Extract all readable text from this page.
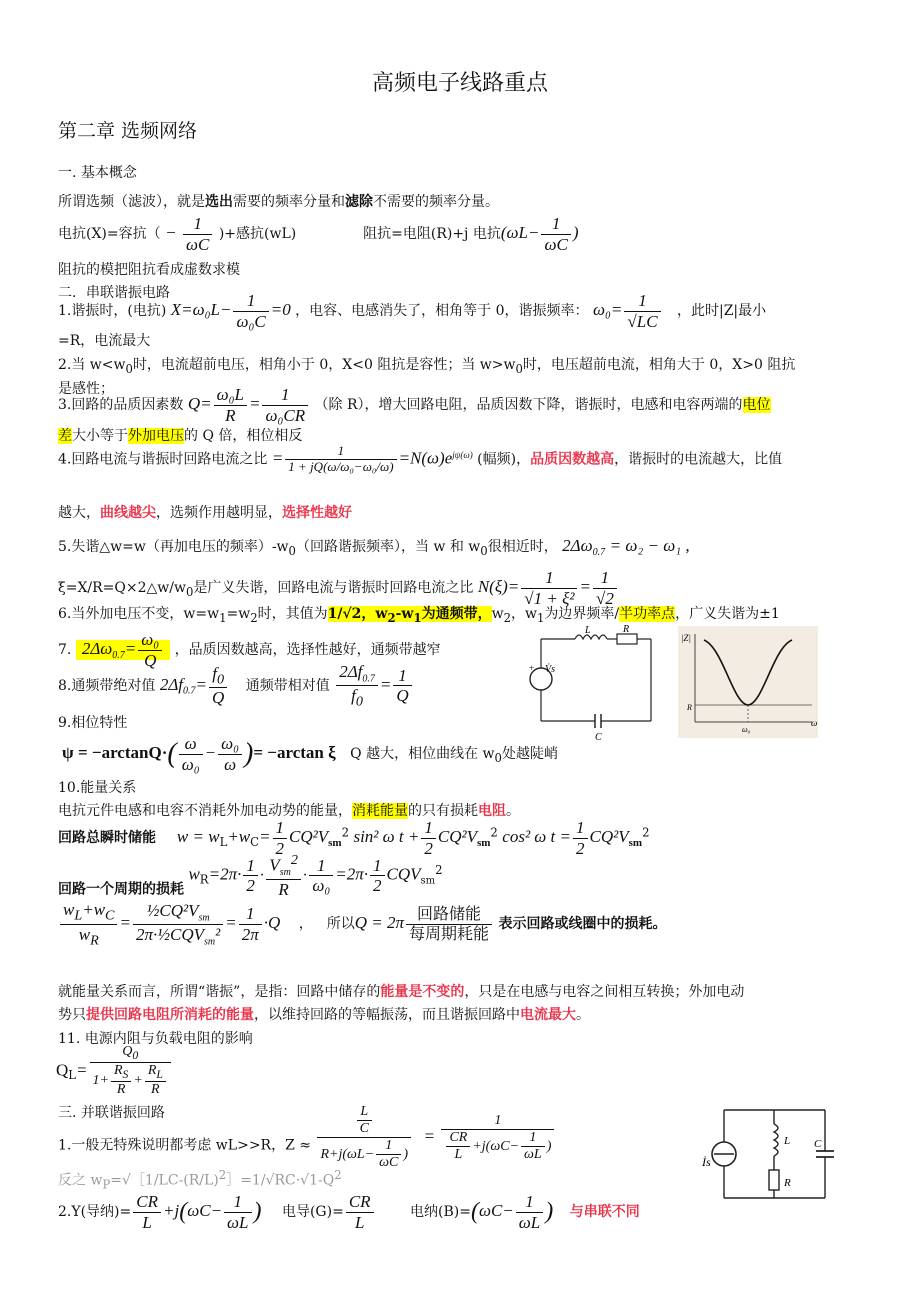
高频电子线路重点
第二章 选频网络
一. 基本概念
所谓选频（滤波），就是选出需要的频率分量和滤除不需要的频率分量。
电抗(X)=容抗（ − $\frac{1}{\omega C}$ )+感抗(wL)	阻抗=电阻(R)+j 电抗($\omega L- \frac{1}{\omega C}$ )
阻抗的模把阻抗看成虚数求模
二．串联谐振电路
1.谐振时，(电抗) $X=\omega_0L- \frac{1}{\text{ω₀C}} =0$ ，电容、电感消失了，相角等于 0，谐振频率： $\omega_0= \frac{1}{√LC}$ ，此时|Z|最小
=R，电流最大
2.当 $w<w_0$时，电流超前电压，相角小于 0，X<0 阻抗是容性；当 $w>w_0$时，电压超前电流，相角大于 0，X>0 阻抗
是感性；
3.回路的品质因素数 $Q= \frac{\text{ω₀L}}{R} = \frac{1}{\text{ω₀CR}}$ （除 R），增大回路电阻，品质因数下降，谐振时，电感和电容两端的电位
差大小等于外加电压的 Q 倍，相位相反
4.回路电流与谐振时回路电流之比 = $\frac{1}{\text{1 + jQ(ω/ω₀−ω₀/ω)}} =N(\omega)e^{j\psi(\omega)}$ (幅频)，品质因数越高，谐振时的电流越大，比值
越大，曲线越尖，选频作用越明显，选择性越好
5.失谐△w=w（再加电压的频率）$-w_0$（回路谐振频率），当 w 和 $w_0$很相近时， $2\Delta\omega_{0.7} = \omega_2 - \omega_1$ ,
$\xi=X/R=Q\times 2\triangle w/w_0$是广义失谐，回路电流与谐振时回路电流之比 $N(\xi)= \frac{1}{\text{√1 + ξ²}} = \frac{1}{√2}$
6.当外加电压不变，$w=w_1=w_2$时，其值为1/√2，$w_2-w_1$为通频带，$w_2$，$w_1$为边界频率/半功率点，广义失谐为±1
7. $2\Delta\omega_{0.7}= \frac{\text{ω₀}}{Q}$ ，品质因数越高，选择性越好，通频带越窄
8.通频带绝对值 $2\Delta f_{0.7}= \frac{f_0}{Q}$ 通频带相对值 $\frac{2\Delta f_{0.7}}{f_0} = \frac{1}{Q}$
9.相位特性
$\psi = -\arctan Q\cdot( \frac{\omega}{\text{ω₀}} - \frac{\text{ω₀}}{\omega}$ )= −arctan ξ Q 越大，相位曲线在 $w_0$处越陡峭
10.能量关系
电抗元件电感和电容不消耗外加电动势的能量，消耗能量的只有损耗电阻。
回路总瞬时储能 $w = w_L+w_C= \frac{1}{2} CQ^2V_{sm}^2$ sin² ω $t + \frac{1}{2} CQ^2V_{sm}^2$ cos² ω $t = \frac{1}{2} CQ^2V_{sm}^2$
回路一个周期的损耗 $w_R=2\pi\cdot \frac{1}{2} \cdot \frac{V_{sm}^2}{R} \cdot \frac{1}{\text{ω₀}} =2\pi\cdot \frac{1}{2} CQV_{sm}^2$
$\frac{w_L+w_C}{w_R} = \frac{\frac{1}{2}CQ^2V_{sm}}{2\pi\cdot\frac{1}{2}CQV_{sm}^2} = \frac{1}{2\pi} \cdot Q$ ， 所以$Q = 2\pi \frac{\text{回路储能}}{\text{每周期耗能}}$ 表示回路或线圈中的损耗。
就能量关系而言，所谓“谐振”，是指：回路中储存的能量是不变的，只是在电感与电容之间相互转换；外加电动
势只提供回路电阻所消耗的能量，以维持回路的等幅振荡，而且谐振回路中电流最大。
11. 电源内阻与负载电阻的影响
$Q_L= \frac{Q_0}{1+ \frac{R_S}{R} + \frac{R_L}{R}}$
三. 并联谐振回路
1.一般无特殊说明都考虑 wL>>R，$Z \approx \frac{\frac{L}{C}}{R+j(\omega L- \frac{1}{\omega C} )} = \frac{1}{\frac{CR}{L} +j(\omega C- \frac{1}{\omega L} )}$
反之 $w_P=√[1/LC-(R/L)^2]=1/√RC\cdot√1-Q^2$
2.Y(导纳)= $\frac{CR}{L} +j(\omega C- \frac{1}{\omega L}$ ) 电导$(G)= \frac{CR}{L}$	电纳$(B)=(\omega C- \frac{1}{\omega L}$ ) 与串联不同
V̇s
+
L	R
C
|Z|
R
ω₀
ω
İs
L
R
C
